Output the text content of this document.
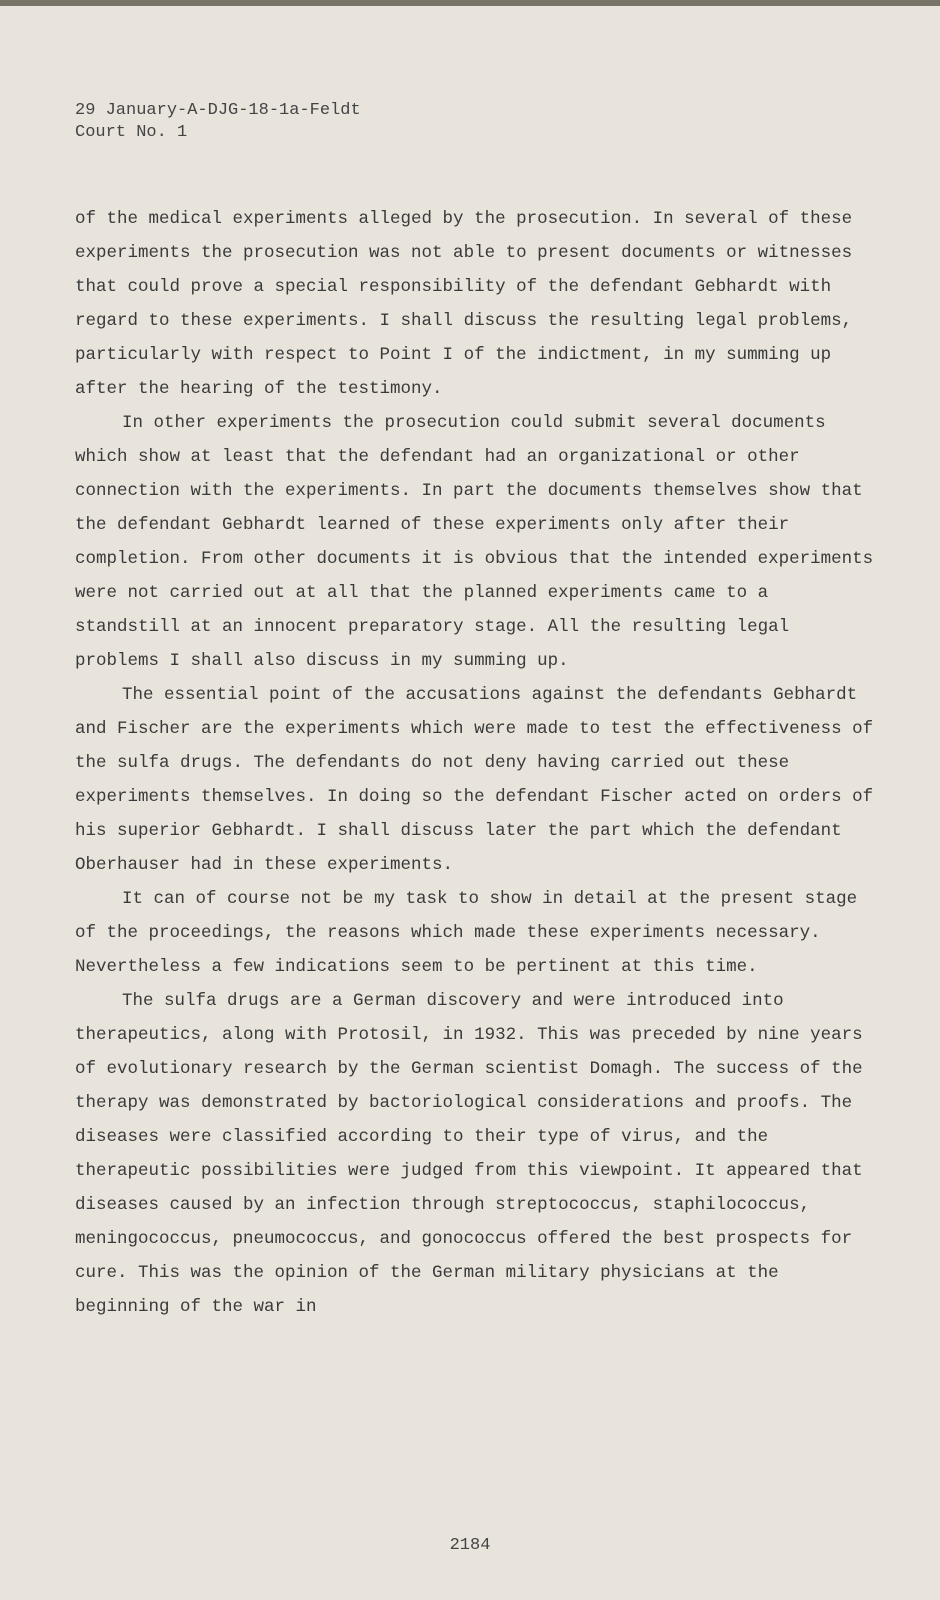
29 January-A-DJG-18-1a-Feldt
Court No. 1

of the medical experiments alleged by the prosecution. In several of these experiments the prosecution was not able to present documents or witnesses that could prove a special responsibility of the defendant Gebhardt with regard to these experiments. I shall discuss the resulting legal problems, particularly with respect to Point I of the indictment, in my summing up after the hearing of the testimony.

In other experiments the prosecution could submit several documents which show at least that the defendant had an organizational or other connection with the experiments. In part the documents themselves show that the defendant Gebhardt learned of these experiments only after their completion. From other documents it is obvious that the intended experiments were not carried out at all that the planned experiments came to a standstill at an innocent preparatory stage. All the resulting legal problems I shall also discuss in my summing up.

The essential point of the accusations against the defendants Gebhardt and Fischer are the experiments which were made to test the effectiveness of the sulfa drugs. The defendants do not deny having carried out these experiments themselves. In doing so the defendant Fischer acted on orders of his superior Gebhardt. I shall discuss later the part which the defendant Oberhauser had in these experiments.

It can of course not be my task to show in detail at the present stage of the proceedings, the reasons which made these experiments necessary. Nevertheless a few indications seem to be pertinent at this time.

The sulfa drugs are a German discovery and were introduced into therapeutics, along with Protosil, in 1932. This was preceded by nine years of evolutionary research by the German scientist Domagh. The success of the therapy was demonstrated by bactoriological considerations and proofs. The diseases were classified according to their type of virus, and the therapeutic possibilities were judged from this viewpoint. It appeared that diseases caused by an infection through streptococcus, staphilococcus, meningococcus, pneumococcus, and gonococcus offered the best prospects for cure. This was the opinion of the German military physicians at the beginning of the war in

2184
